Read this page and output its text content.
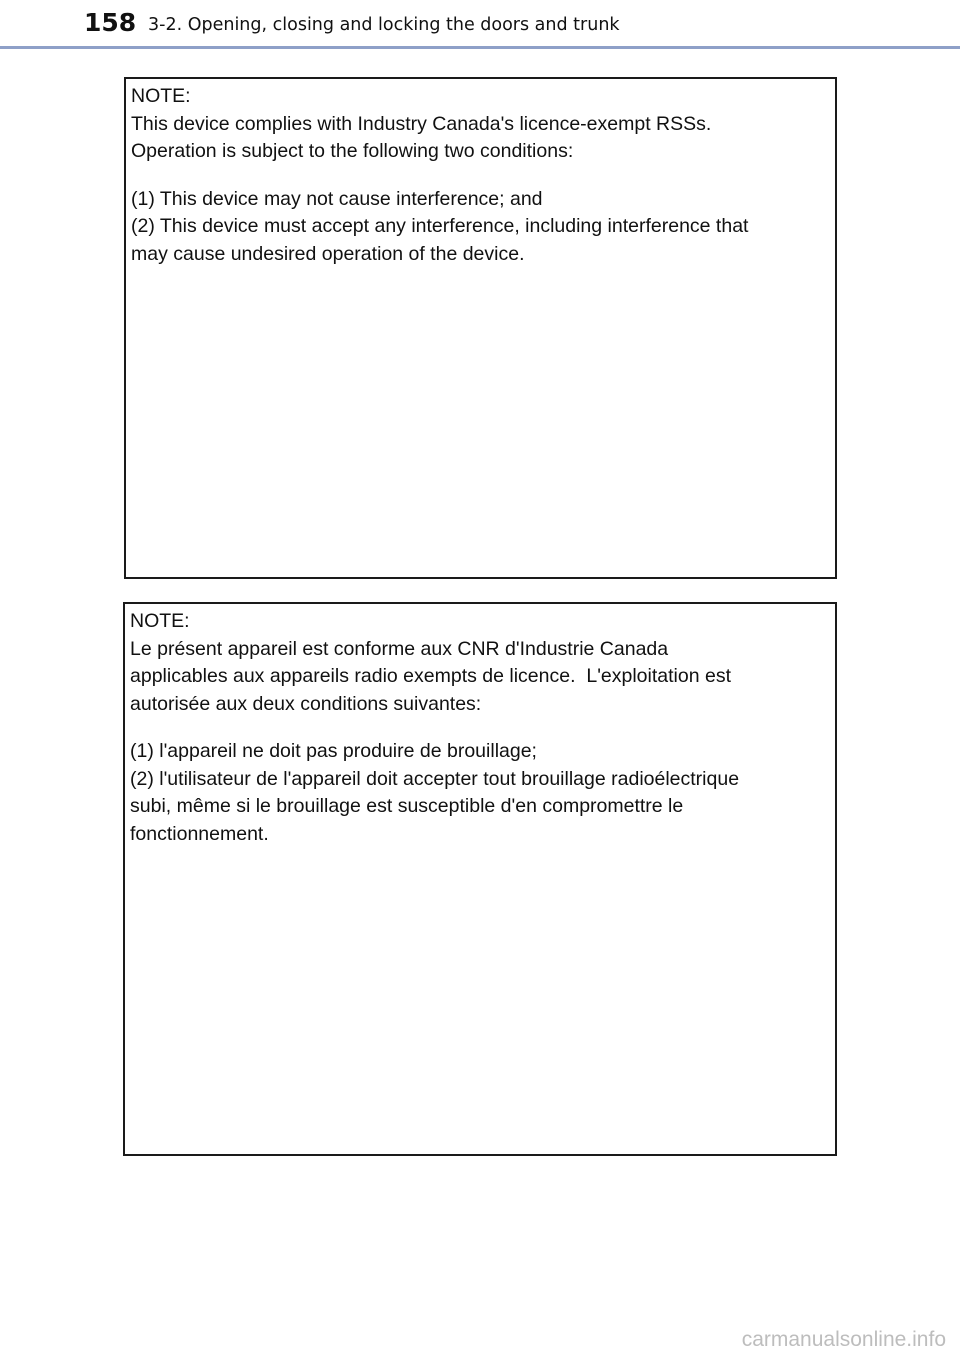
158 3-2. Opening, closing and locking the doors and trunk

NOTE:

This device complies with Industry Canada's licence-exempt RSSs.

Operation is subject to the following two conditions:

(1) This device may not cause interference; and

(2) This device must accept any interference, including interference that

may cause undesired operation of the device.

NOTE:

Le présent appareil est conforme aux CNR d'Industrie Canada

applicables aux appareils radio exempts de licence.  L'exploitation est

autorisée aux deux conditions suivantes:

(1) l'appareil ne doit pas produire de brouillage;

(2) l'utilisateur de l'appareil doit accepter tout brouillage radioélectrique

subi, même si le brouillage est susceptible d'en compromettre le

fonctionnement.

carmanualsonline.info
